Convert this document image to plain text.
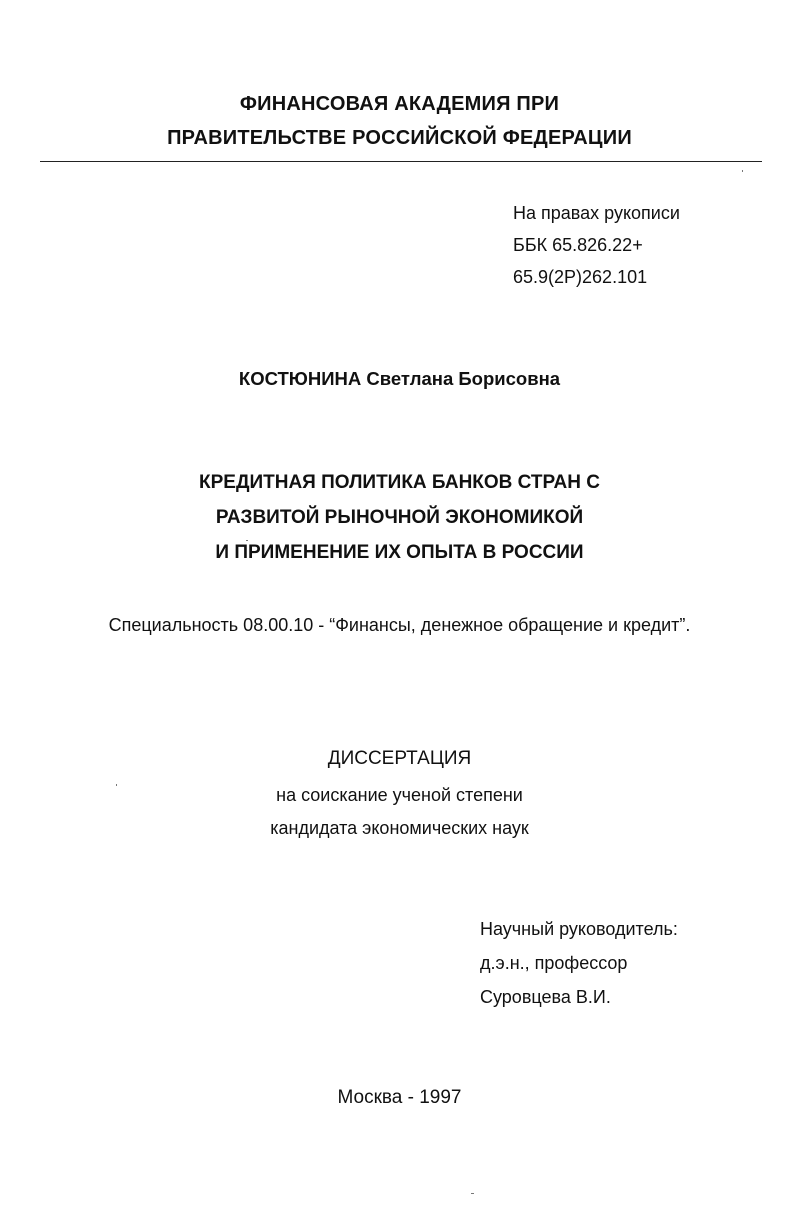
ФИНАНСОВАЯ АКАДЕМИЯ ПРИ
ПРАВИТЕЛЬСТВЕ РОССИЙСКОЙ ФЕДЕРАЦИИ
На правах рукописи
ББК 65.826.22+
65.9(2Р)262.101
КОСТЮНИНА Светлана Борисовна
КРЕДИТНАЯ ПОЛИТИКА БАНКОВ СТРАН С
РАЗВИТОЙ РЫНОЧНОЙ ЭКОНОМИКОЙ
И ПРИМЕНЕНИЕ ИХ ОПЫТА В РОССИИ
Специальность 08.00.10 - “Финансы, денежное обращение и кредит”.
ДИССЕРТАЦИЯ
на соискание ученой степени
кандидата экономических наук
Научный руководитель:
д.э.н., профессор
Суровцева В.И.
Москва - 1997
